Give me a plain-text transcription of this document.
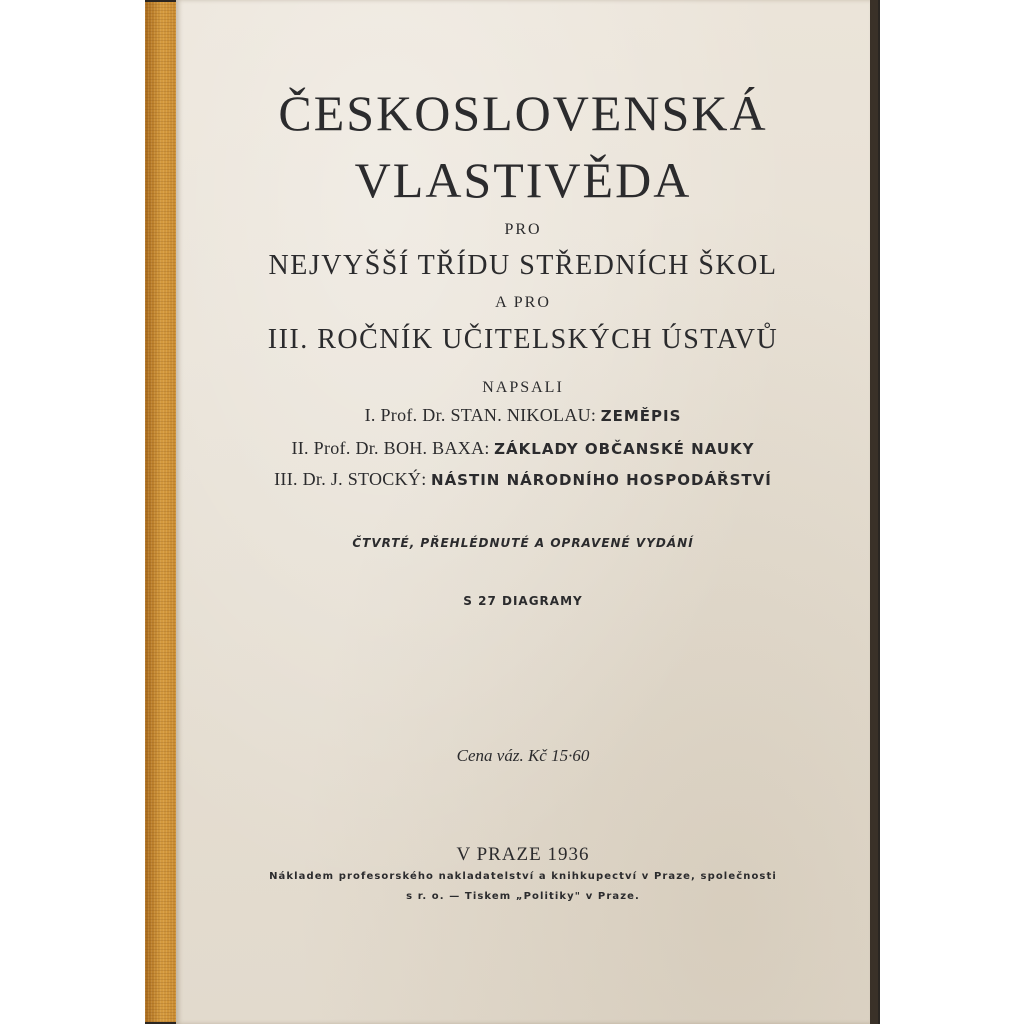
ČESKOSLOVENSKÁ
VLASTIVĚDA
PRO
NEJVYŠŠÍ TŘÍDU STŘEDNÍCH ŠKOL
A PRO
III. ROČNÍK UČITELSKÝCH ÚSTAVŮ
NAPSALI
I. Prof. Dr. STAN. NIKOLAU: ZEMĚPIS
II. Prof. Dr. BOH. BAXA: ZÁKLADY OBČANSKÉ NAUKY
III. Dr. J. STOCKÝ: NÁSTIN NÁRODNÍHO HOSPODÁŘSTVÍ
ČTVRTÉ, PŘEHLÉDNUTÉ A OPRAVENÉ VYDÁNÍ
S 27 DIAGRAMY
Cena váz. Kč 15·60
V PRAZE 1936
Nákladem profesorského nakladatelství a knihkupectví v Praze, společnosti
s r. o. — Tiskem „Politiky" v Praze.
